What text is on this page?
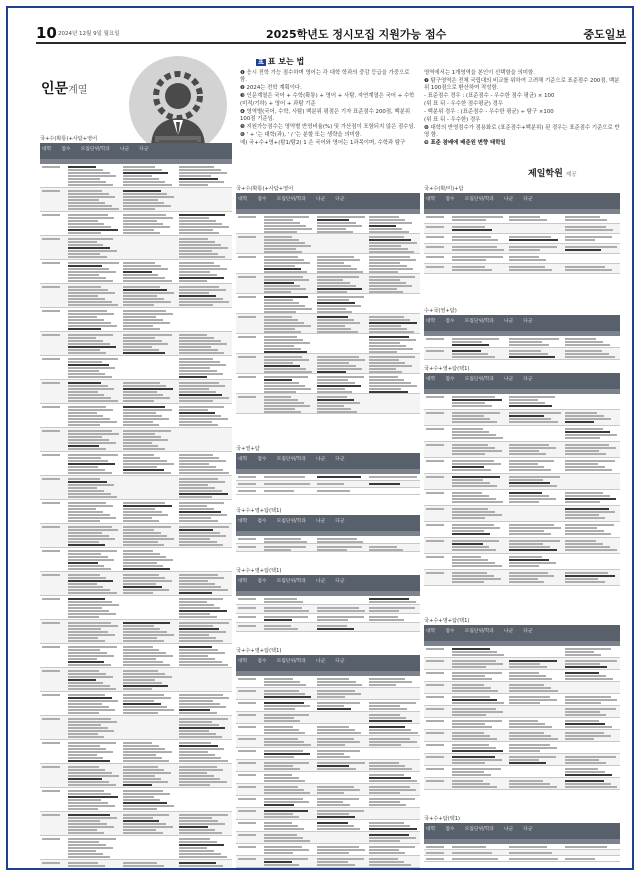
10 2024년 12월 9일 월요일	2025학년도 정시모집 지원가능 점수	중도일보
인문계열
표 표 보는 법

❶ 응시 전학 가능 점수하며 영어는 각 대학 학과의 중감 등급을 가중으로 함.

❷ 2024는 전학 계획이다.

❸ 인문계열은 국어 + 수학(확통) + 영어 + 사탐, 자연계열은 국어 + 수학(미적/기하) + 영어 + 과탐 기준

❹ 영역별(국어, 수학, 사탐) 백분위 평점은 기자 표준점수 200점, 백분위 100점 기준임.

❺ 지원가능점수는 영역별 반영비율(%) 및 가산점이 포함되지 않은 점수임.

❻ ' + '는 대학(과), ' / '는 분할 또는 생략을 의미함.

예) 국+수+영+(탐1/탐2) 1 은 국어와 영어는 1과목이며, 수학과 탐구

영역에서는 1개영역을 본인이 선택함을 의미함.

❼ 탐구영역은 전체 국립대의 비교를 위하여 고려해 기준으로 표준점수 200점, 백분위 100점으로 환산하여 작성함.

- 표준점수 경우 : (표준점수 - 우수한 점수 평균) × 100

(위 표 뒤 - 우수한 점수평균) 경우

- 백분위 경우 : (표준점수 - 우수한 평균) ÷ 탐구 ×100

(위 표 뒤 - 우수한) 경우

❽ 대학의 반영점수가 점용화로 (표준점수+백분위) 된 경우는 표준점수 기준으로 반영 함.

❾ 표준 참배에 배준원 변향 태학일

제일학원 제공
국+수(확통)+사탐+영어
대학 점수 모집단위/학과 나군 다군
국+수(확통)+사탐+영어
대학 점수 모집단위/학과 나군 다군
국+영+탐
대학 점수 모집단위/학과 나군 다군
국+수+영+탐(택1)
대학 점수 모집단위/학과 나군 다군
국+수+영+탐(택1)
대학 점수 모집단위/학과 나군 다군
국+수+영+탐(택1)
대학 점수 모집단위/학과 나군 다군
국+수(확/미)+탐
대학 점수 모집단위/학과 나군 다군
수+국(영+탐)
대학 점수 모집단위/학과 나군 다군
국+수+영+탐(택1)
대학 점수 모집단위/학과 나군 다군
국+수+영+탐(택1)
대학 점수 모집단위/학과 나군 다군
국+수+탐(택1)
대학 점수 모집단위/학과 나군 다군
